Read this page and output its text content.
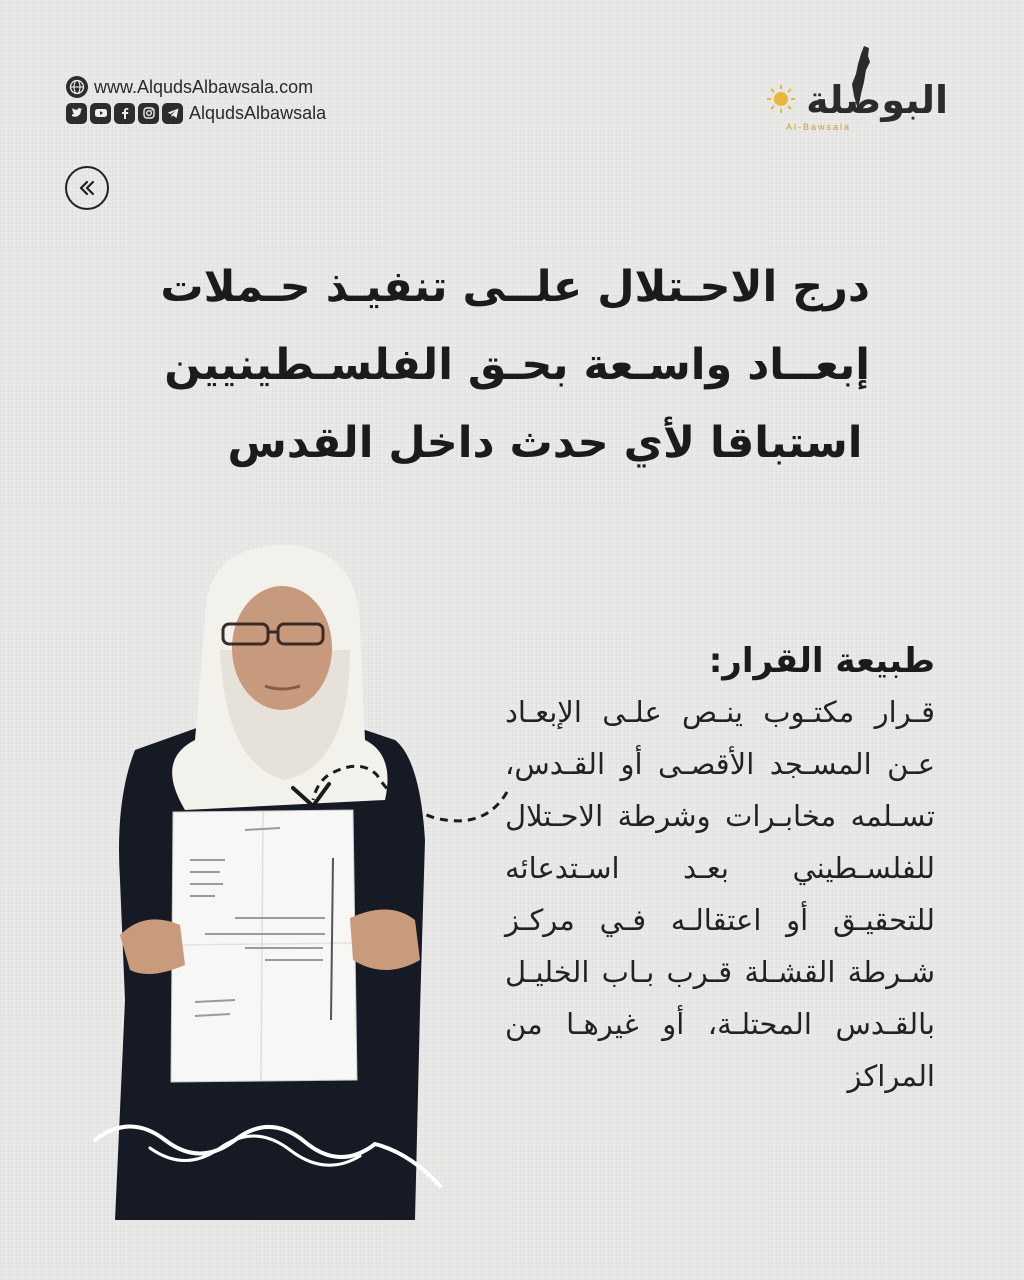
www.AlqudsAlbawsala.com
AlqudsAlbawsala	البوصلة
Al-Bawsala
درج الاحـتلال علــى تنفيـذ حـملات
إبعــاد واسـعة بحـق الفلسـطينيين
استباقا لأي حدث داخل القدس
طبيعة القرار:
قـرار مكتـوب ينـص علـى الإبعـاد عـن المسـجد الأقصـى أو القـدس، تسـلمه مخابـرات وشرطة الاحـتلال للفلسـطيني بعـد اسـتدعائه للتحقيـق أو اعتقالـه فـي مركـز شـرطة القشـلة قـرب بـاب الخليـل بالقـدس المحتلـة، أو غيرهـا من المراكز
